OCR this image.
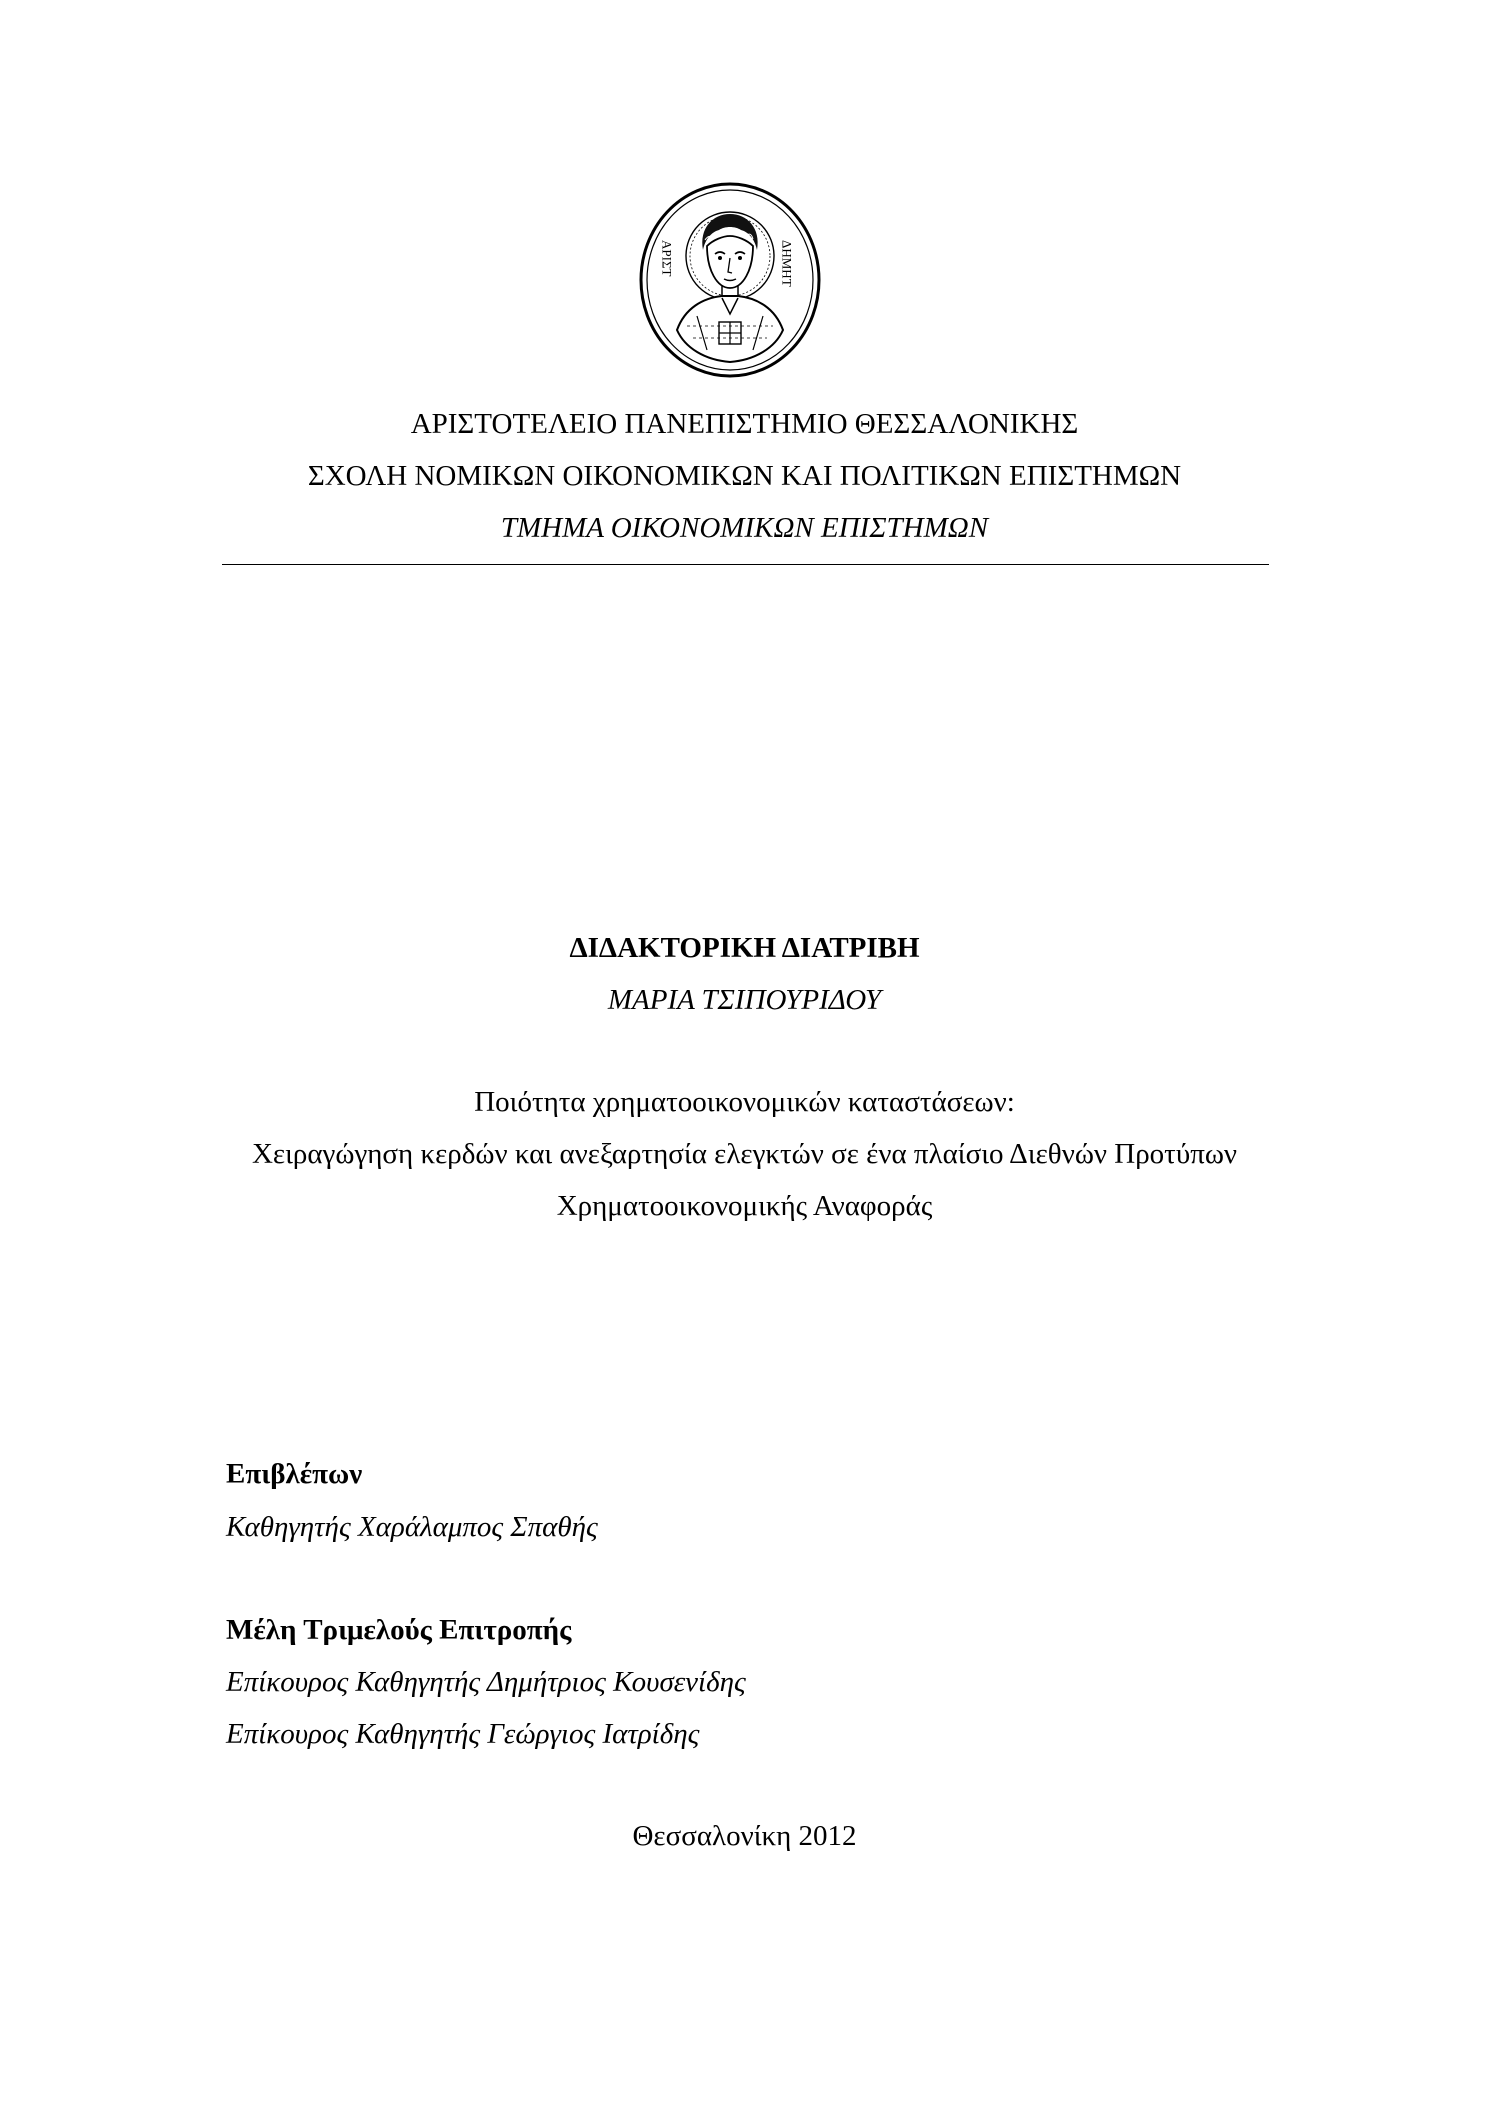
ΑΡΙΣΤ	ΔΗΜΗΤ
ΑΡΙΣΤΟΤΕΛΕΙΟ ΠΑΝΕΠΙΣΤΗΜΙΟ ΘΕΣΣΑΛΟΝΙΚΗΣ
ΣΧΟΛΗ ΝΟΜΙΚΩΝ ΟΙΚΟΝΟΜΙΚΩΝ ΚΑΙ ΠΟΛΙΤΙΚΩΝ ΕΠΙΣΤΗΜΩΝ
ΤΜΗΜΑ ΟΙΚΟΝΟΜΙΚΩΝ ΕΠΙΣΤΗΜΩΝ
ΔΙΔΑΚΤΟΡΙΚΗ ΔΙΑΤΡΙΒΗ
ΜΑΡΙΑ ΤΣΙΠΟΥΡΙΔΟΥ
Ποιότητα χρηματοοικονομικών καταστάσεων:
Χειραγώγηση κερδών και ανεξαρτησία ελεγκτών σε ένα πλαίσιο Διεθνών Προτύπων
Χρηματοοικονομικής Αναφοράς
Επιβλέπων
Καθηγητής Χαράλαμπος Σπαθής
Μέλη Τριμελούς Επιτροπής
Επίκουρος Καθηγητής Δημήτριος Κουσενίδης
Επίκουρος Καθηγητής Γεώργιος Ιατρίδης
Θεσσαλονίκη 2012
